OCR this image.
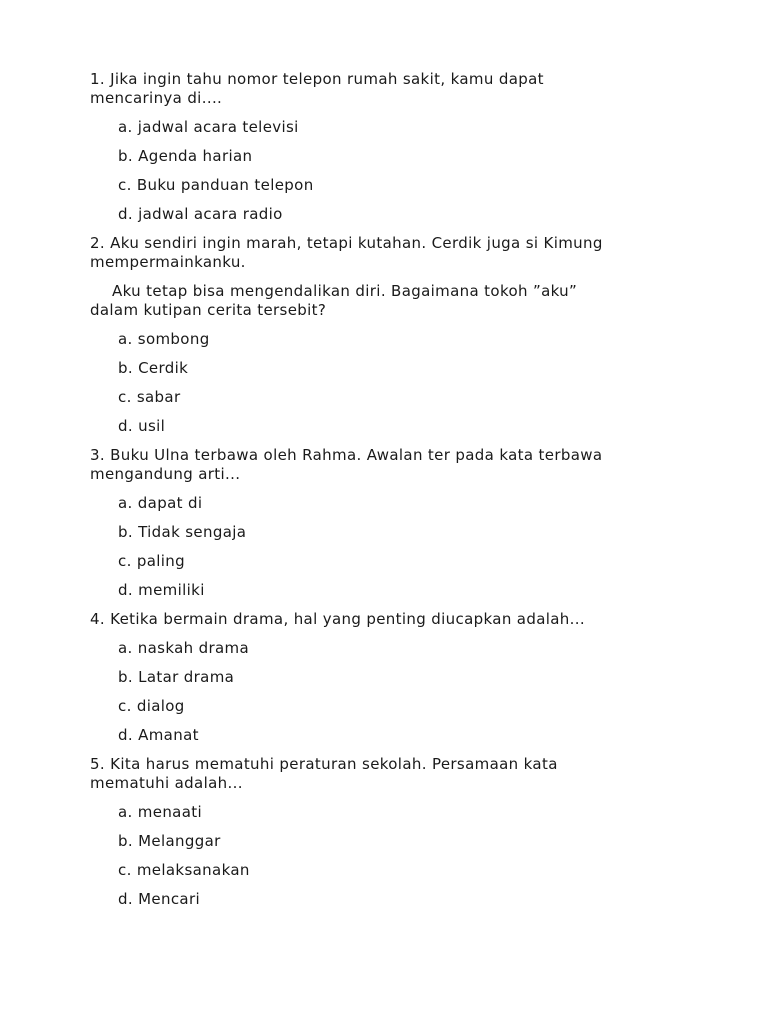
1. Jika ingin tahu nomor telepon rumah sakit, kamu dapat
mencarinya di....

a. jadwal acara televisi
b. Agenda harian
c. Buku panduan telepon
d. jadwal acara radio

2. Aku sendiri ingin marah, tetapi kutahan. Cerdik juga si Kimung
mempermainkanku.

Aku tetap bisa mengendalikan diri. Bagaimana tokoh ”aku”
dalam kutipan cerita tersebit?

a. sombong
b. Cerdik
c. sabar
d. usil

3. Buku Ulna terbawa oleh Rahma. Awalan ter pada kata terbawa
mengandung arti...

a. dapat di
b. Tidak sengaja
c. paling
d. memiliki

4. Ketika bermain drama, hal yang penting diucapkan adalah...

a. naskah drama
b. Latar drama
c. dialog
d. Amanat

5. Kita harus mematuhi peraturan sekolah. Persamaan kata
mematuhi adalah...

a. menaati
b. Melanggar
c. melaksanakan
d. Mencari
